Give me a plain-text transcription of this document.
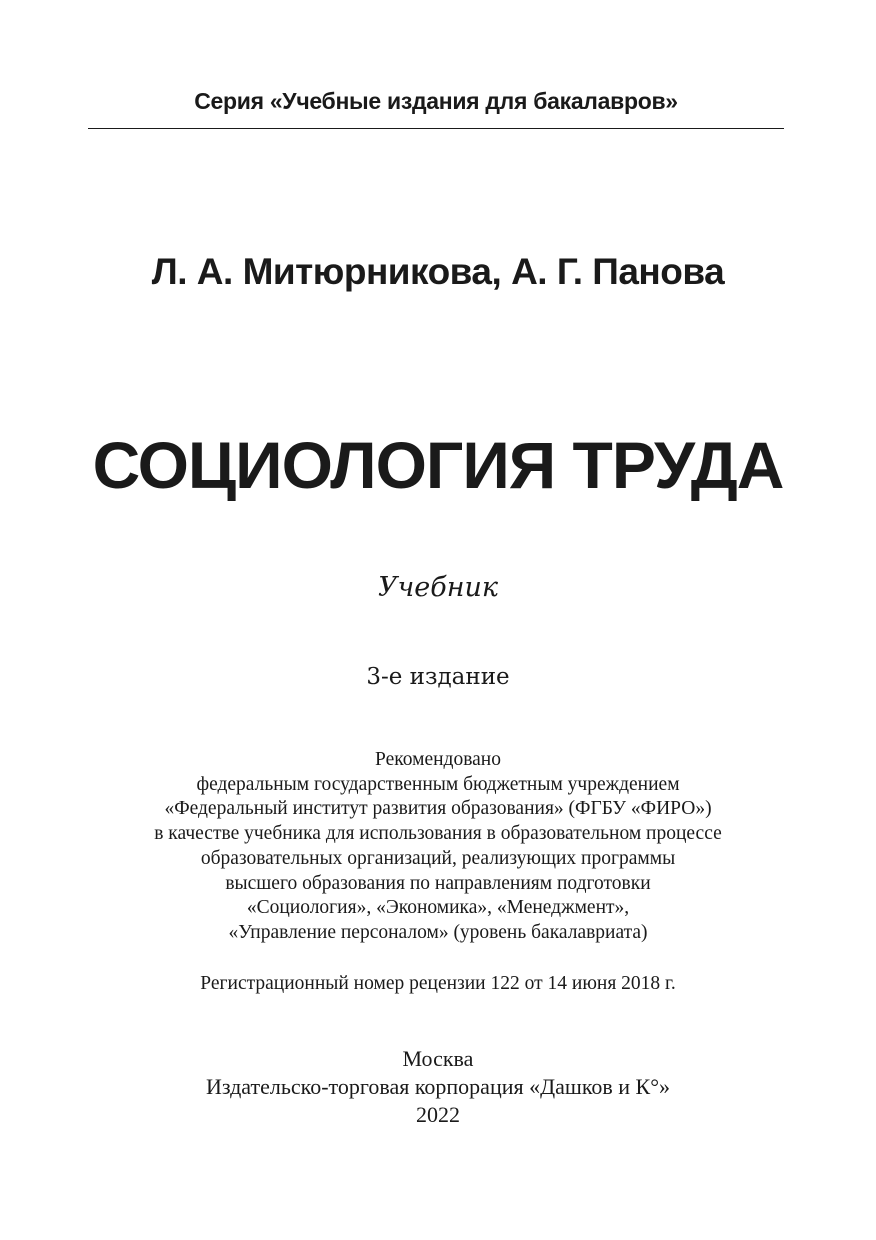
Серия «Учебные издания для бакалавров»
Л. А. Митюрникова, А. Г. Панова
СОЦИОЛОГИЯ ТРУДА
Учебник
3-е издание
Рекомендовано
федеральным государственным бюджетным учреждением
«Федеральный институт развития образования» (ФГБУ «ФИРО»)
в качестве учебника для использования в образовательном процессе
образовательных организаций, реализующих программы
высшего образования по направлениям подготовки
«Социология», «Экономика», «Менеджмент»,
«Управление персоналом» (уровень бакалавриата)
Регистрационный номер рецензии 122 от 14 июня 2018 г.
Москва
Издательско-торговая корпорация «Дашков и К°»
2022
